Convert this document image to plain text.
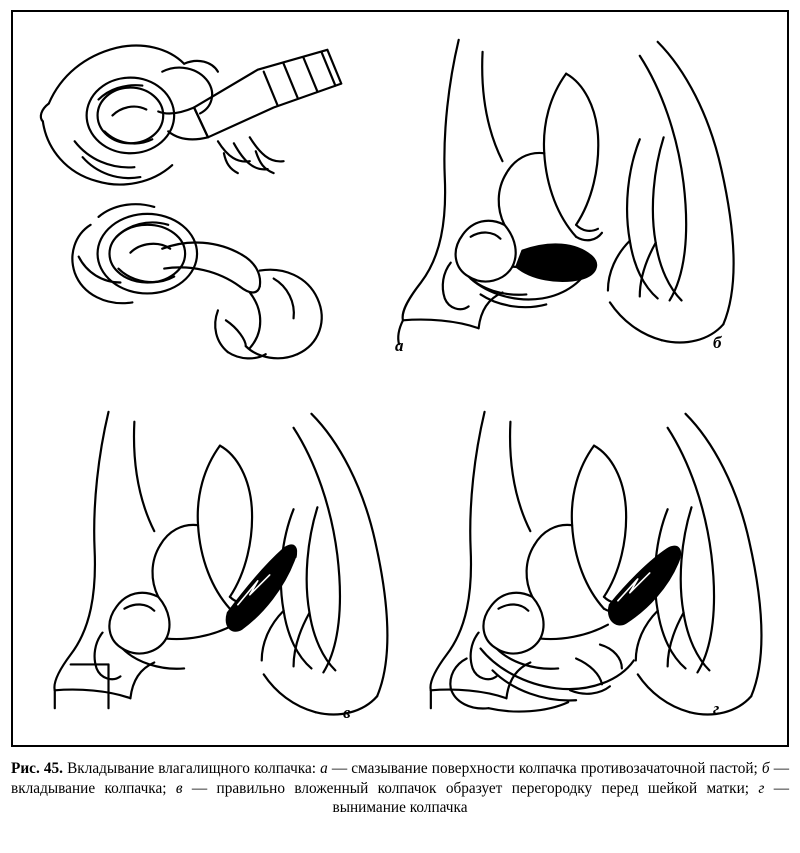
а	б
в	г
Рис. 45. Вкладывание влагалищного колпачка: а — смазывание поверхности колпачка противозачаточной пастой; б — вкладывание колпачка; в — правильно вложенный колпачок образует перегородку перед шейкой матки; г — вынимание колпачка
